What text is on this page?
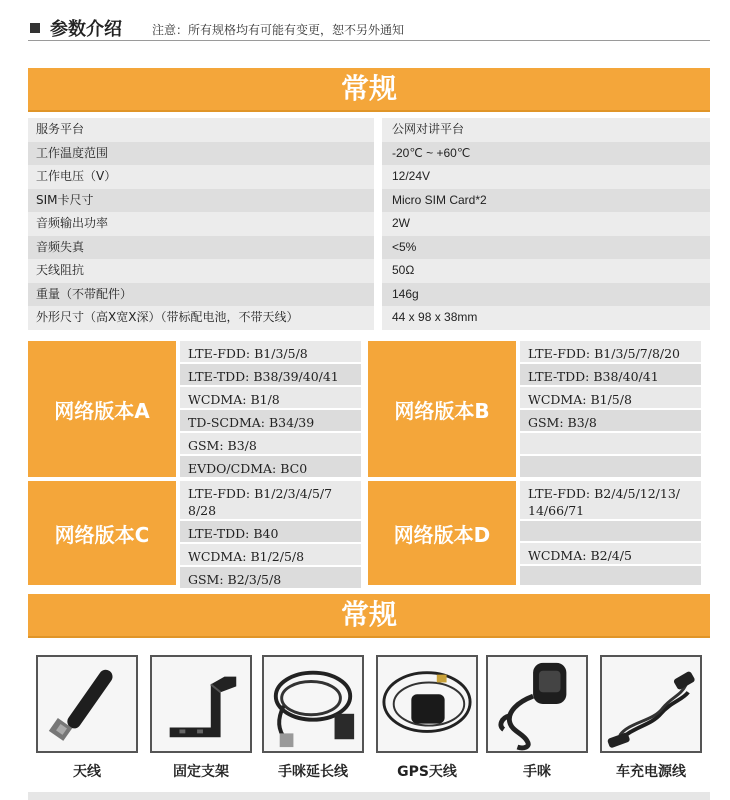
参数介绍	注意：所有规格均有可能有变更，恕不另外通知
常规
服务平台	公网对讲平台
工作温度范围	-20℃ ~ +60℃
工作电压（V）	12/24V
SIM卡尺寸	Micro SIM Card*2
音频输出功率	2W
音频失真	<5%
天线阻抗	50Ω
重量（不带配件）	146g
外形尺寸（高X宽X深）（带标配电池，不带天线）	44 x 98 x 38mm
网络版本A
LTE-FDD: B1/3/5/8
LTE-TDD: B38/39/40/41
WCDMA: B1/8
TD-SCDMA: B34/39
GSM: B3/8
EVDO/CDMA: BC0
网络版本B
LTE-FDD: B1/3/5/7/8/20
LTE-TDD: B38/40/41
WCDMA: B1/5/8
GSM: B3/8
网络版本C
LTE-FDD: B1/2/3/4/5/7
8/28
LTE-TDD: B40
WCDMA: B1/2/5/8
GSM: B2/3/5/8
网络版本D
LTE-FDD: B2/4/5/12/13/
14/66/71
WCDMA: B2/4/5
常规
天线	固定支架	手咪延长线	GPS天线	手咪	车充电源线
